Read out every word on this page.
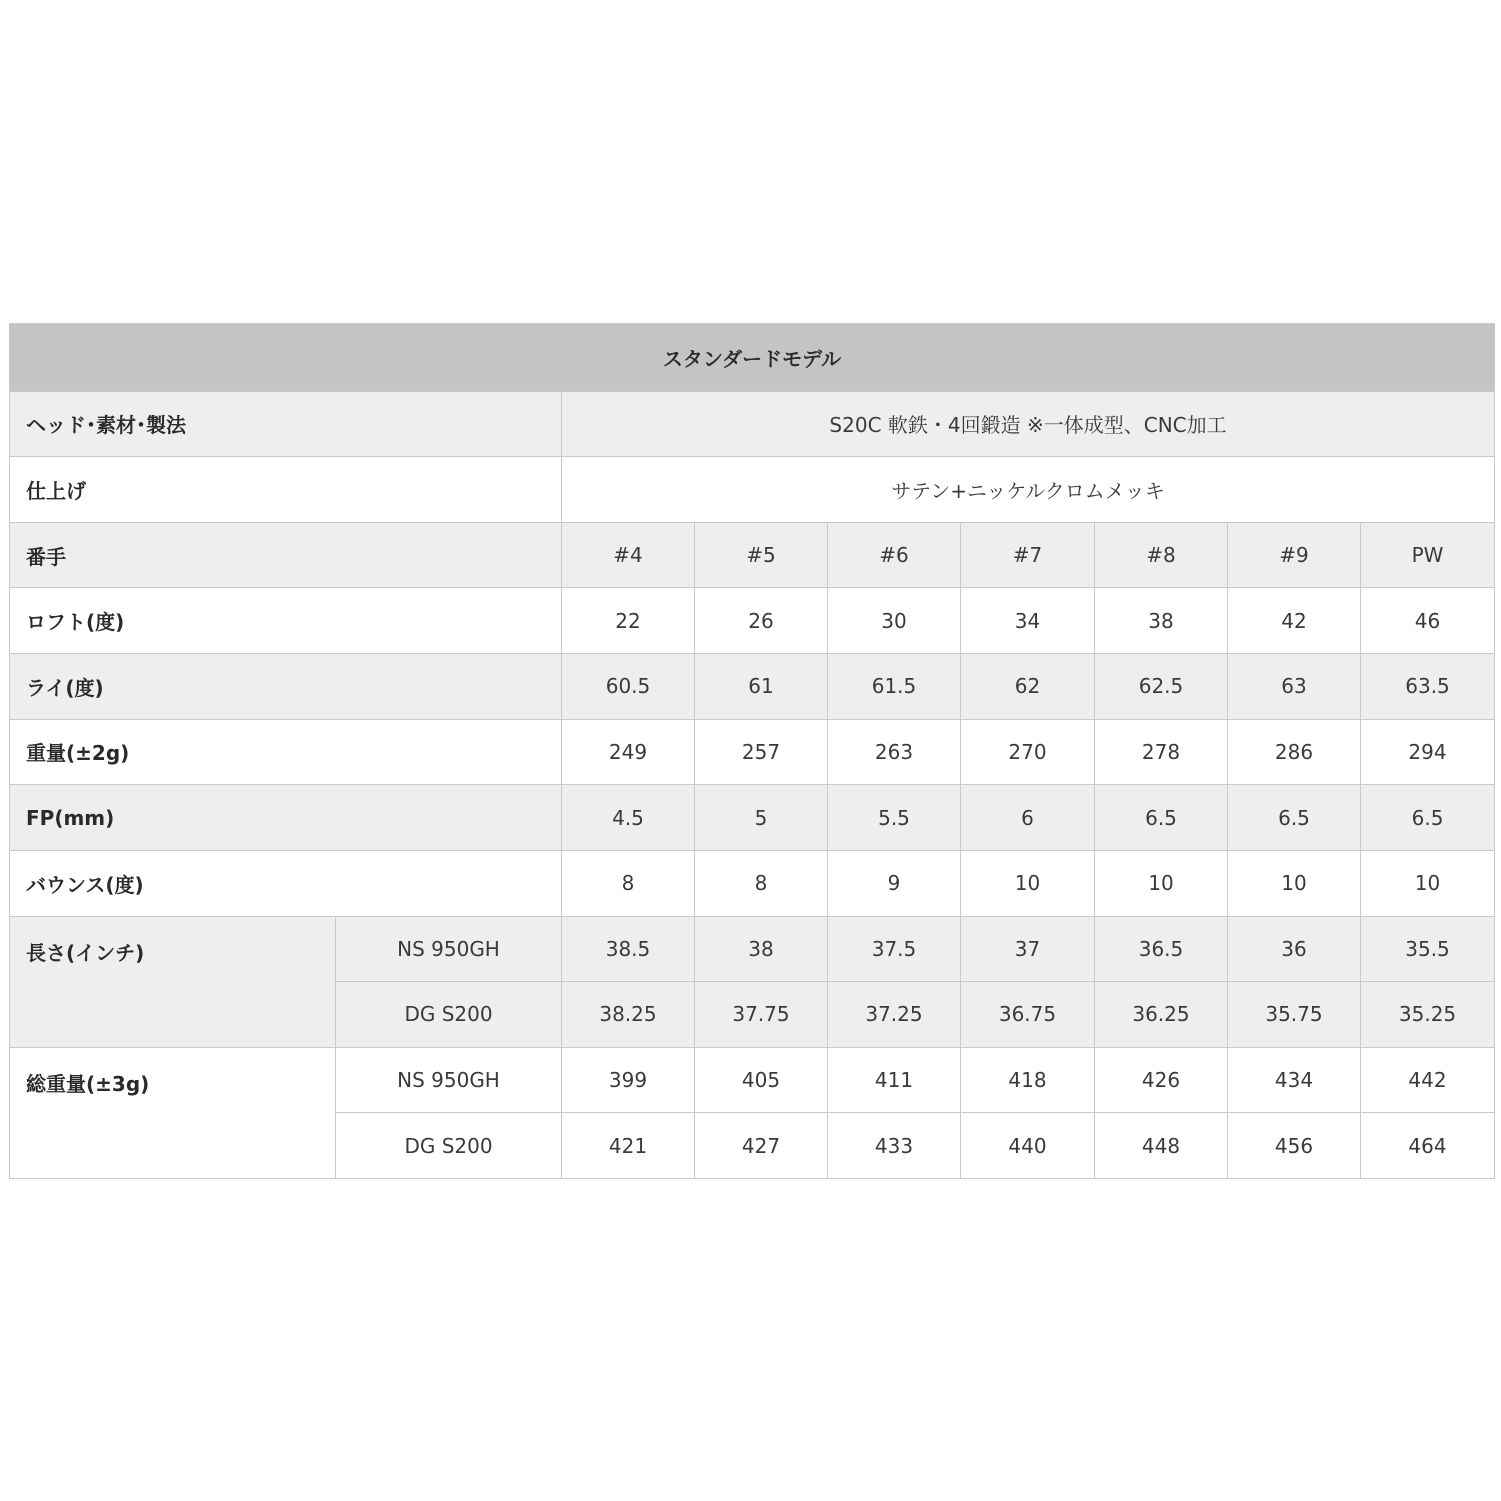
スタンダードモデル								
ヘッド･素材･製法		S20C 軟鉄・4回鍛造 ※一体成型、CNC加工						
仕上げ		サテン+ニッケルクロムメッキ						
番手		#4	#5	#6	#7	#8	#9	PW
ロフト(度)		22	26	30	34	38	42	46
ライ(度)		60.5	61	61.5	62	62.5	63	63.5
重量(±2g)		249	257	263	270	278	286	294
FP(mm)		4.5	5	5.5	6	6.5	6.5	6.5
バウンス(度)		8	8	9	10	10	10	10
長さ(インチ)	NS 950GH	38.5	38	37.5	37	36.5	36	35.5
	DG S200	38.25	37.75	37.25	36.75	36.25	35.75	35.25
総重量(±3g)	NS 950GH	399	405	411	418	426	434	442
	DG S200	421	427	433	440	448	456	464
